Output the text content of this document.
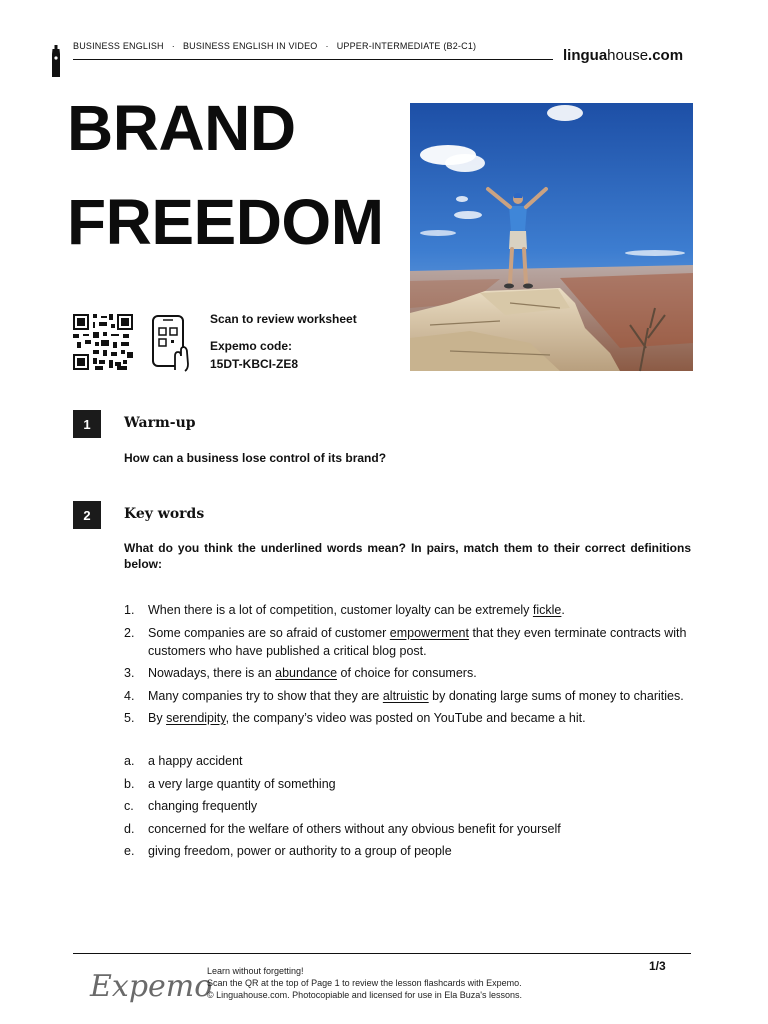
BUSINESS ENGLISH · BUSINESS ENGLISH IN VIDEO · UPPER-INTERMEDIATE (B2-C1)
linguahouse.com
BRAND
FREEDOM
Scan to review worksheet
Expemo code:
15DT-KBCI-ZE8
1	Warm-up
How can a business lose control of its brand?
2	Key words
What do you think the underlined words mean? In pairs, match them to their correct definitions below:
1.	When there is a lot of competition, customer loyalty can be extremely fickle.
2.	Some companies are so afraid of customer empowerment that they even terminate contracts with customers who have published a critical blog post.
3.	Nowadays, there is an abundance of choice for consumers.
4.	Many companies try to show that they are altruistic by donating large sums of money to charities.
5.	By serendipity, the company’s video was posted on YouTube and became a hit.
a.	a happy accident
b.	a very large quantity of something
c.	changing frequently
d.	concerned for the welfare of others without any obvious benefit for yourself
e.	giving freedom, power or authority to a group of people
Expemo
Learn without forgetting!
Scan the QR at the top of Page 1 to review the lesson flashcards with Expemo.
© Linguahouse.com. Photocopiable and licensed for use in Ela Buza's lessons.
1/3
